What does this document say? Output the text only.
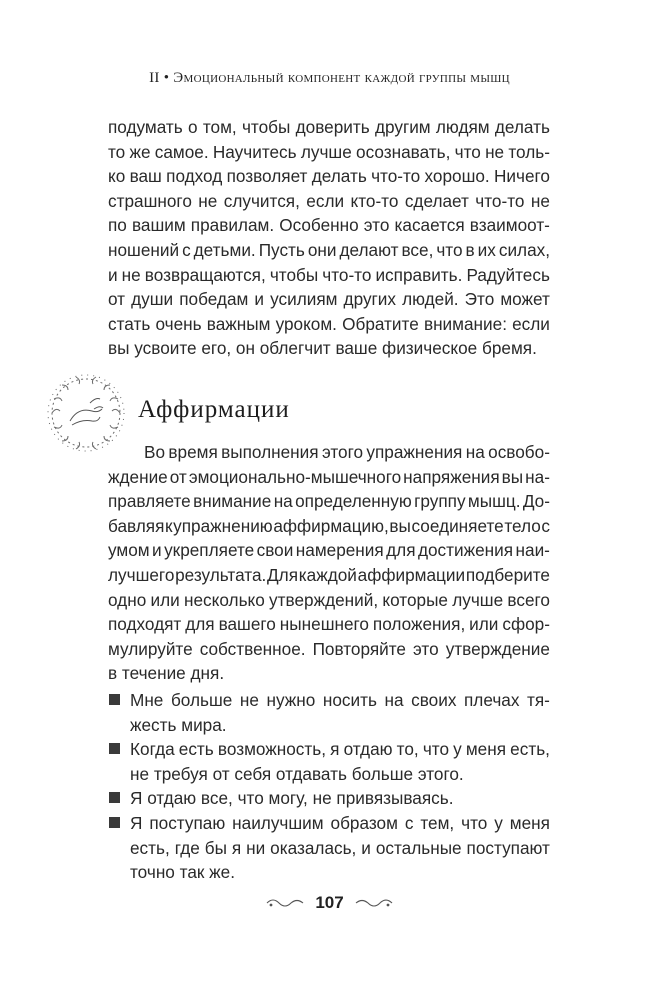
II • Эмоциональный компонент каждой группы мышц
подумать о том, чтобы доверить другим людям делать
то же самое. Научитесь лучше осознавать, что не толь-
ко ваш подход позволяет делать что-то хорошо. Ничего
страшного не случится, если кто-то сделает что-то не
по вашим правилам. Особенно это касается взаимоот-
ношений с детьми. Пусть они делают все, что в их силах,
и не возвращаются, чтобы что-то исправить. Радуйтесь
от души победам и усилиям других людей. Это может
стать очень важным уроком. Обратите внимание: если
вы усвоите его, он облегчит ваше физическое бремя.
Аффирмации
Во время выполнения этого упражнения на освобо-
ждение от эмоционально-мышечного напряжения вы на-
правляете внимание на определенную группу мышц. До-
бавляя к упражнению аффирмацию, вы соединяете тело с
умом и укрепляете свои намерения для достижения наи-
лучшего результата. Для каждой аффирмации подберите
одно или несколько утверждений, которые лучше всего
подходят для вашего нынешнего положения, или сфор-
мулируйте собственное. Повторяйте это утверждение
в течение дня.
Мне больше не нужно носить на своих плечах тя-
жесть мира.
Когда есть возможность, я отдаю то, что у меня есть,
не требуя от себя отдавать больше этого.
Я отдаю все, что могу, не привязываясь.
Я поступаю наилучшим образом с тем, что у меня
есть, где бы я ни оказалась, и остальные поступают
точно так же.
107
